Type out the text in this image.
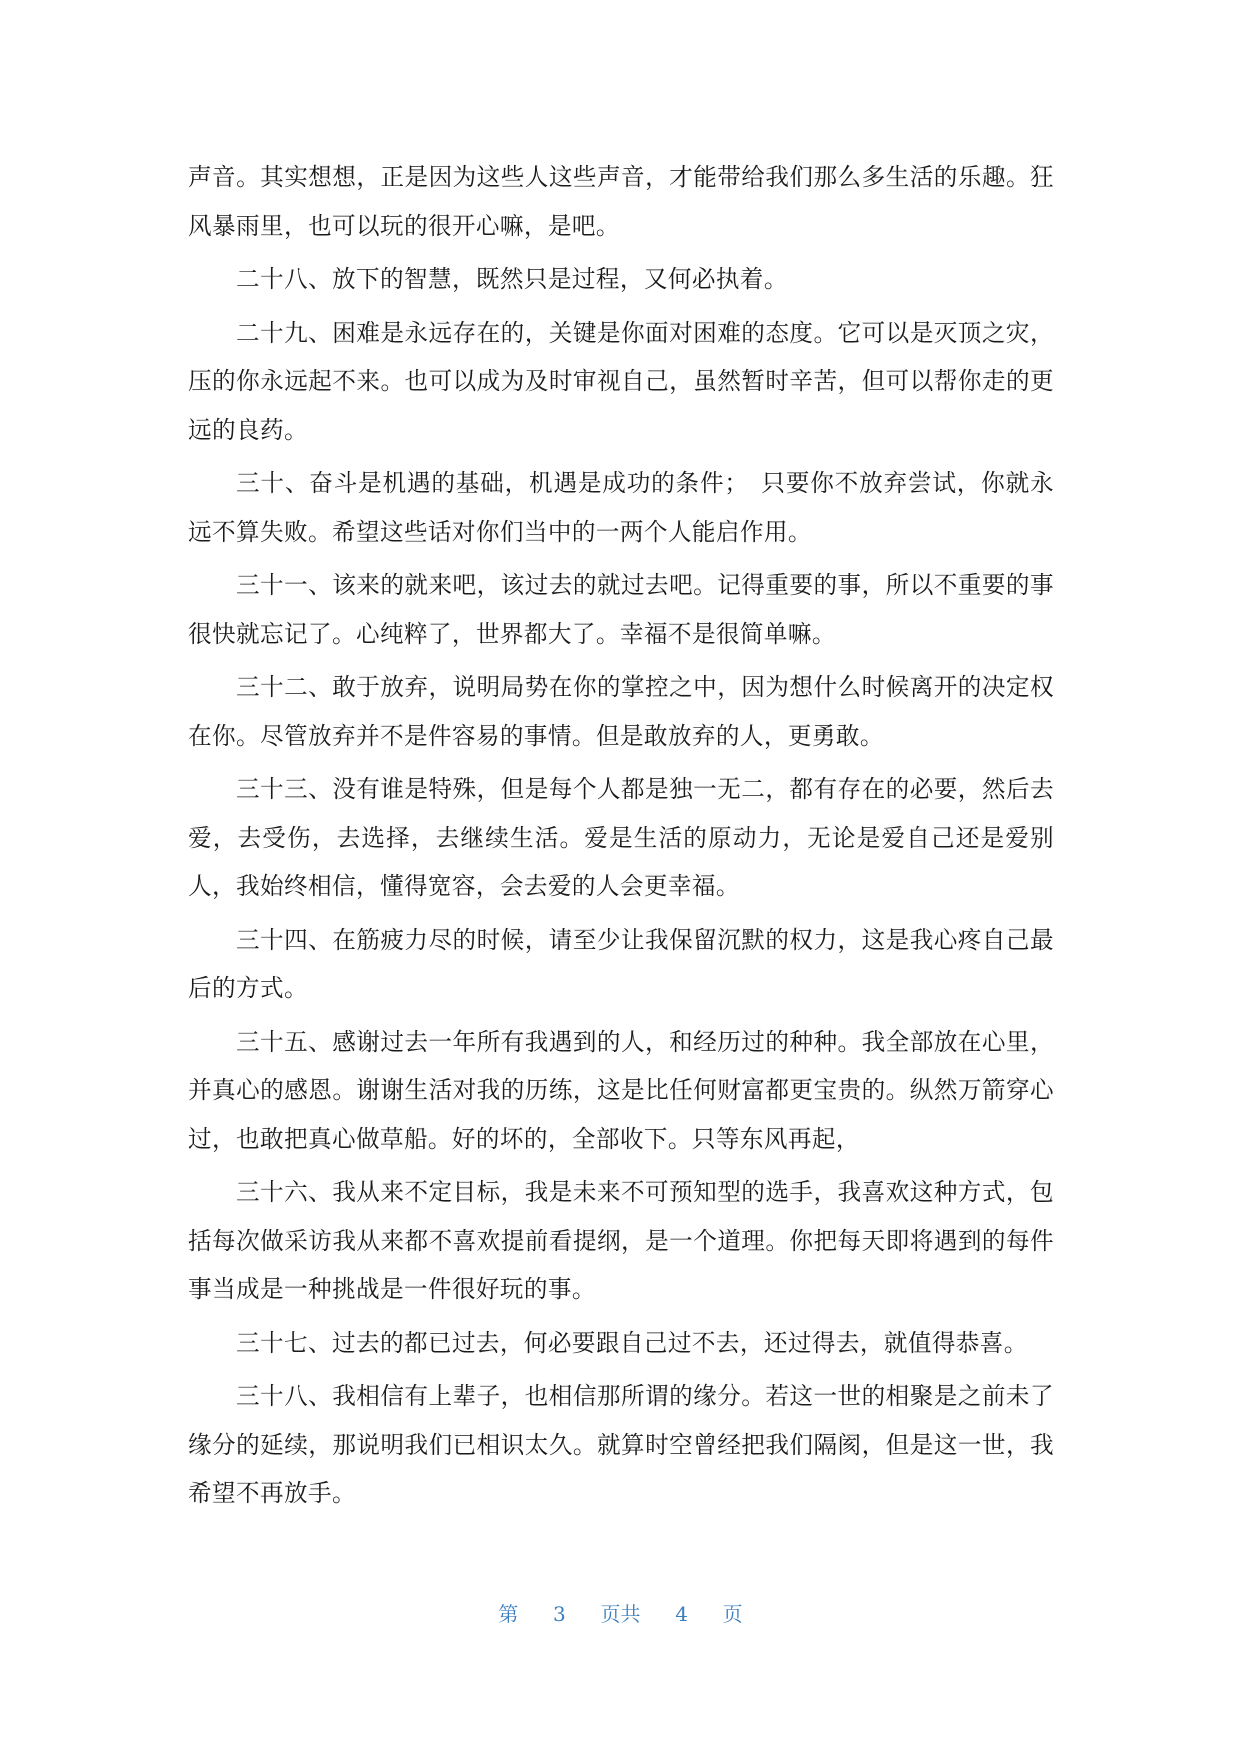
声音。其实想想，正是因为这些人这些声音，才能带给我们那么多生活的乐趣。狂风暴雨里，也可以玩的很开心嘛，是吧。

二十八、放下的智慧，既然只是过程，又何必执着。

二十九、困难是永远存在的，关键是你面对困难的态度。它可以是灭顶之灾，压的你永远起不来。也可以成为及时审视自己，虽然暂时辛苦，但可以帮你走的更远的良药。

三十、奋斗是机遇的基础，机遇是成功的条件；　只要你不放弃尝试，你就永远不算失败。希望这些话对你们当中的一两个人能启作用。

三十一、该来的就来吧，该过去的就过去吧。记得重要的事，所以不重要的事很快就忘记了。心纯粹了，世界都大了。幸福不是很简单嘛。

三十二、敢于放弃，说明局势在你的掌控之中，因为想什么时候离开的决定权在你。尽管放弃并不是件容易的事情。但是敢放弃的人，更勇敢。

三十三、没有谁是特殊，但是每个人都是独一无二，都有存在的必要，然后去爱，去受伤，去选择，去继续生活。爱是生活的原动力，无论是爱自己还是爱别人，我始终相信，懂得宽容，会去爱的人会更幸福。

三十四、在筋疲力尽的时候，请至少让我保留沉默的权力，这是我心疼自己最后的方式。

三十五、感谢过去一年所有我遇到的人，和经历过的种种。我全部放在心里，并真心的感恩。谢谢生活对我的历练，这是比任何财富都更宝贵的。纵然万箭穿心过，也敢把真心做草船。好的坏的，全部收下。只等东风再起，

三十六、我从来不定目标，我是未来不可预知型的选手，我喜欢这种方式，包括每次做采访我从来都不喜欢提前看提纲，是一个道理。你把每天即将遇到的每件事当成是一种挑战是一件很好玩的事。

三十七、过去的都已过去，何必要跟自己过不去，还过得去，就值得恭喜。

三十八、我相信有上辈子，也相信那所谓的缘分。若这一世的相聚是之前未了缘分的延续，那说明我们已相识太久。就算时空曾经把我们隔阂，但是这一世，我希望不再放手。

第 3 页共 4 页
